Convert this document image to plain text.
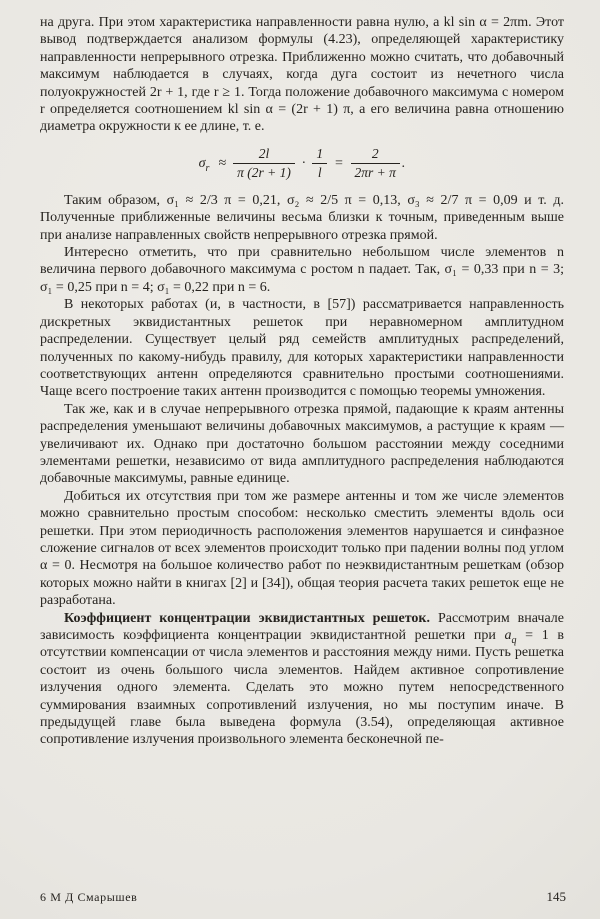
на друга. При этом характеристика направленности равна нулю, а kl sin α = 2πm. Этот вывод подтверждается анализом формулы (4.23), определяющей характеристику направленности непрерывного отрезка. Приближенно можно считать, что добавочный максимум наблюдается в случаях, когда дуга состоит из нечетного числа полуокружностей 2r + 1, где r ≥ 1. Тогда положение добавочного максимума с номером r определяется соотношением kl sin α = (2r + 1) π, а его величина равна отношению диаметра окружности к ее длине, т. е.

$\sigma_r \approx \frac{2l}{\pi (2r + 1)} \cdot \frac{1}{l} = \frac{2}{2\pi r + \pi}$ .

Таким образом, σ₁ ≈ 2/3 π = 0,21, σ₂ ≈ 2/5 π = 0,13, σ₃ ≈ 2/7 π = 0,09 и т. д. Полученные приближенные величины весьма близки к точным, приведенным выше при анализе направленных свойств непрерывного отрезка прямой.

Интересно отметить, что при сравнительно небольшом числе элементов n величина первого добавочного максимума с ростом n падает. Так, σ₁ = 0,33 при n = 3; σ₁ = 0,25 при n = 4; σ₁ = 0,22 при n = 6.

В некоторых работах (и, в частности, в [57]) рассматривается направленность дискретных эквидистантных решеток при неравномерном амплитудном распределении. Существует целый ряд семейств амплитудных распределений, полученных по какому-нибудь правилу, для которых характеристики направленности соответствующих антенн определяются сравнительно простыми соотношениями. Чаще всего построение таких антенн производится с помощью теоремы умножения.

Так же, как и в случае непрерывного отрезка прямой, падающие к краям антенны распределения уменьшают величины добавочных максимумов, а растущие к краям — увеличивают их. Однако при достаточно большом расстоянии между соседними элементами решетки, независимо от вида амплитудного распределения наблюдаются добавочные максимумы, равные единице.

Добиться их отсутствия при том же размере антенны и том же числе элементов можно сравнительно простым способом: несколько сместить элементы вдоль оси решетки. При этом периодичность расположения элементов нарушается и синфазное сложение сигналов от всех элементов происходит только при падении волны под углом α = 0. Несмотря на большое количество работ по неэквидистантным решеткам (обзор которых можно найти в книгах [2] и [34]), общая теория расчета таких решеток еще не разработана.

Коэффициент концентрации эквидистантных решеток. Рассмотрим вначале зависимость коэффициента концентрации эквидистантной решетки при $a_q = 1$ в отсутствии компенсации от числа элементов и расстояния между ними. Пусть решетка состоит из очень большого числа элементов. Найдем активное сопротивление излучения одного элемента. Сделать это можно путем непосредственного суммирования взаимных сопротивлений излучения, но мы поступим иначе. В предыдущей главе была выведена формула (3.54), определяющая активное сопротивление излучения произвольного элемента бесконечной пе-

6 М Д Смарышев	145
